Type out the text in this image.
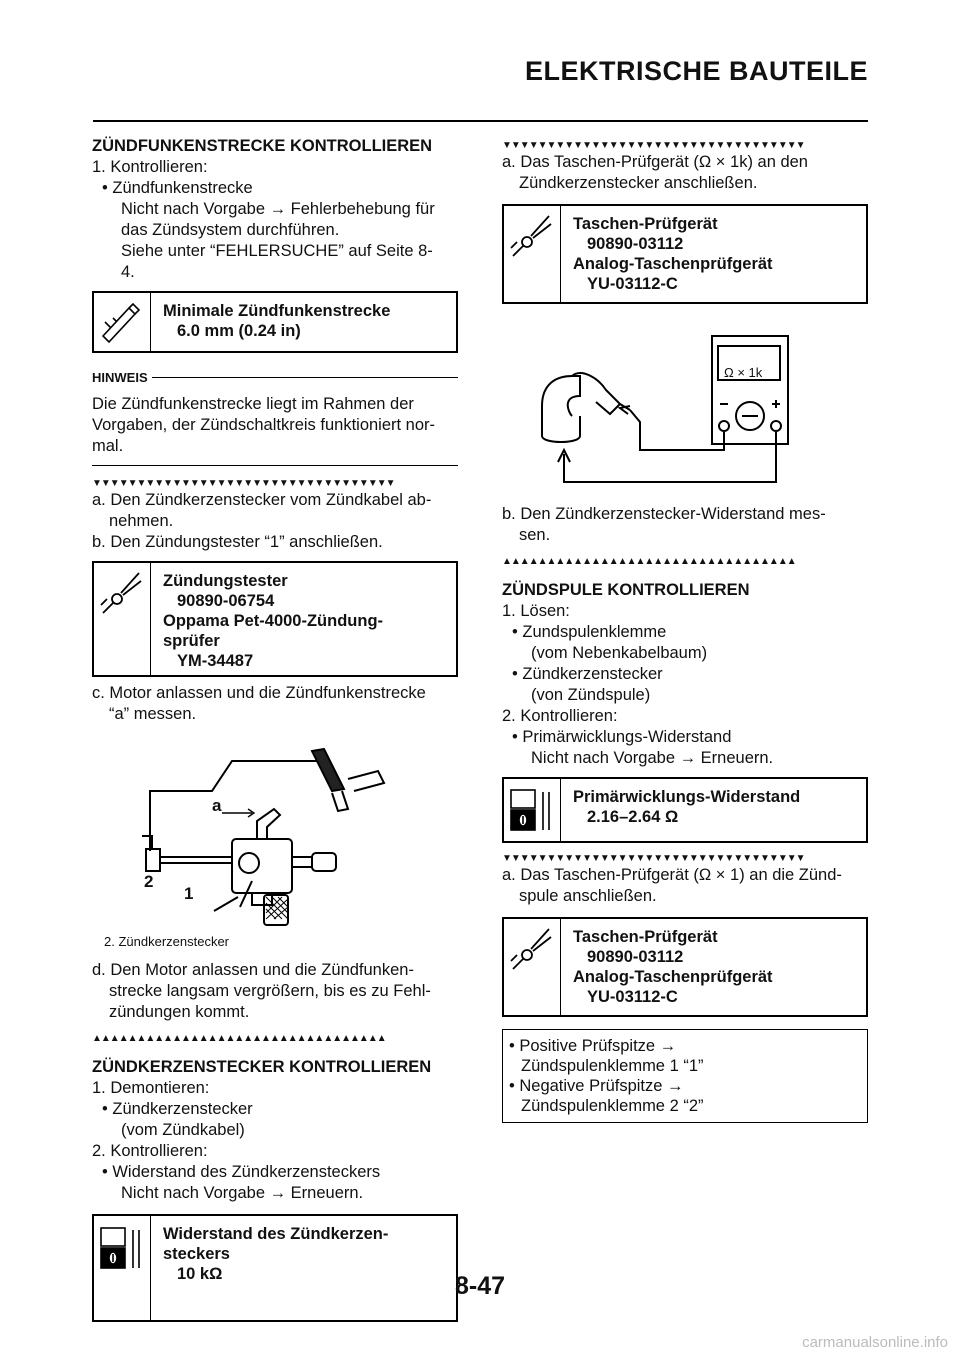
ELEKTRISCHE BAUTEILE
ZÜNDFUNKENSTRECKE KONTROLLIEREN

1. Kontrollieren:

• Zündfunkenstrecke

Nicht nach Vorgabe → Fehlerbehebung für

das Zündsystem durchführen.

Siehe unter “FEHLERSUCHE” auf Seite 8-

4.

Minimale Zündfunkenstrecke
6.0 mm (0.24 in)
HINWEIS

Die Zündfunkenstrecke liegt im Rahmen der Vorgaben, der Zündschaltkreis funktioniert nor- mal.

▼▼▼▼▼▼▼▼▼▼▼▼▼▼▼▼▼▼▼▼▼▼▼▼▼▼▼▼▼▼▼▼▼▼

a. Den Zündkerzenstecker vom Zündkabel ab-

nehmen.

b. Den Zündungstester “1” anschließen.

Zündungstester
90890-06754
Oppama Pet-4000-Zündung-
sprüfer
YM-34487

c. Motor anlassen und die Zündfunkenstrecke

“a” messen.

a
2
1
2. Zündkerzenstecker

d. Den Motor anlassen und die Zündfunken-

strecke langsam vergrößern, bis es zu Fehl-

zündungen kommt.

▲▲▲▲▲▲▲▲▲▲▲▲▲▲▲▲▲▲▲▲▲▲▲▲▲▲▲▲▲▲▲▲▲
ZÜNDKERZENSTECKER KONTROLLIEREN

1. Demontieren:

• Zündkerzenstecker

(vom Zündkabel)

2. Kontrollieren:

• Widerstand des Zündkerzensteckers

Nicht nach Vorgabe → Erneuern.

Widerstand des Zündkerzen-
steckers
10 kΩ
▼▼▼▼▼▼▼▼▼▼▼▼▼▼▼▼▼▼▼▼▼▼▼▼▼▼▼▼▼▼▼▼▼▼

a. Das Taschen-Prüfgerät (Ω × 1k) an den

Zündkerzenstecker anschließen.

Taschen-Prüfgerät
90890-03112
Analog-Taschenprüfgerät
YU-03112-C
Ω × 1k

b. Den Zündkerzenstecker-Widerstand mes-

sen.

▲▲▲▲▲▲▲▲▲▲▲▲▲▲▲▲▲▲▲▲▲▲▲▲▲▲▲▲▲▲▲▲▲
ZÜNDSPULE KONTROLLIEREN

1. Lösen:

• Zundspulenklemme

(vom Nebenkabelbaum)

• Zündkerzenstecker

(von Zündspule)

2. Kontrollieren:

• Primärwicklungs-Widerstand

Nicht nach Vorgabe → Erneuern.

Primärwicklungs-Widerstand
2.16–2.64 Ω
▼▼▼▼▼▼▼▼▼▼▼▼▼▼▼▼▼▼▼▼▼▼▼▼▼▼▼▼▼▼▼▼▼▼

a. Das Taschen-Prüfgerät (Ω × 1) an die Zünd-

spule anschließen.

Taschen-Prüfgerät
90890-03112
Analog-Taschenprüfgerät
YU-03112-C
• Positive Prüfspitze →
Zündspulenklemme 1 “1”
• Negative Prüfspitze →
Zündspulenklemme 2 “2”
8-47
carmanualsonline.info
